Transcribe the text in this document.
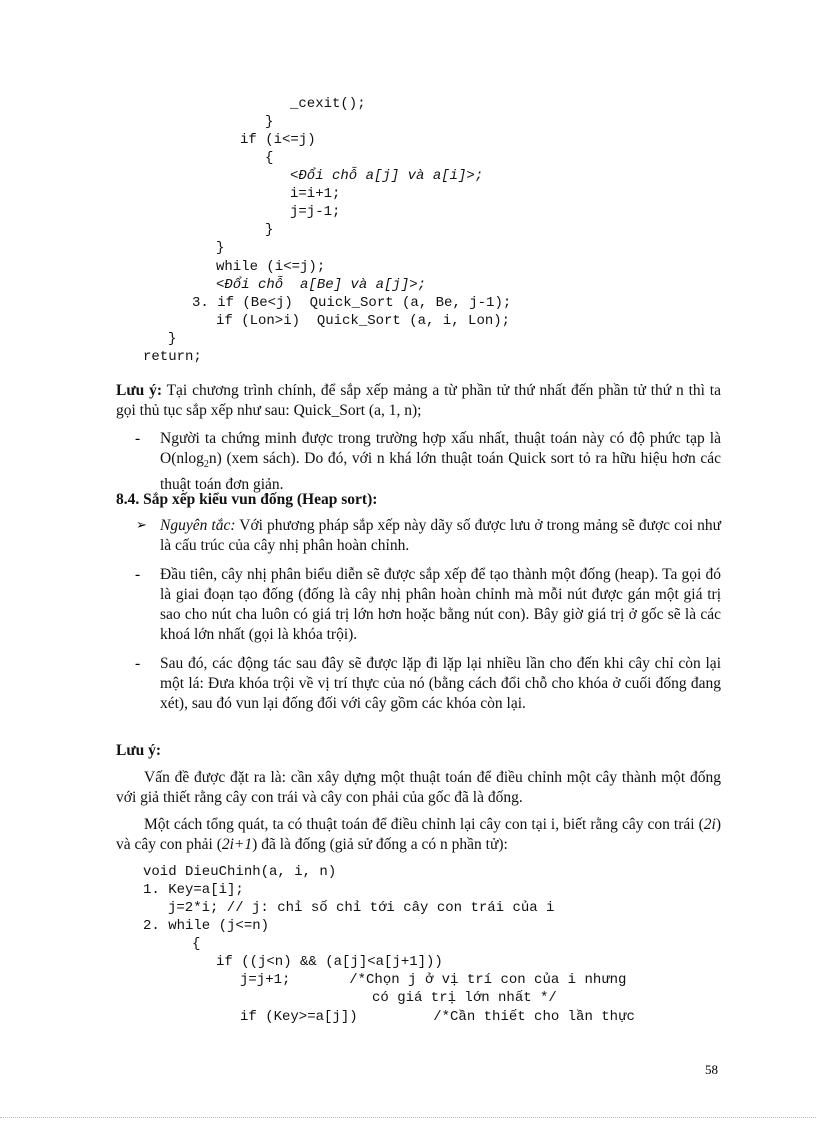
_cexit();
}
if (i<=j)
{
<Đổi chỗ a[j] và a[i]>;
i=i+1;
j=j-1;
}
}
while (i<=j);
<Đổi chỗ  a[Be] và a[j]>;
3. if (Be<j)  Quick_Sort (a, Be, j-1);
if (Lon>i)  Quick_Sort (a, i, Lon);
}
return;
Lưu ý: Tại chương trình chính, để sắp xếp mảng a từ phần tử thứ nhất đến phần tử thứ n thì ta gọi thủ tục sắp xếp như sau: Quick_Sort (a, 1, n);
- Người ta chứng minh được trong trường hợp xấu nhất, thuật toán này có độ phức tạp là O(nlog$_2$n) (xem sách). Do đó, với n khá lớn thuật toán Quick sort tỏ ra hữu hiệu hơn các thuật toán đơn giản.
8.4. Sắp xếp kiểu vun đống (Heap sort):
➢ Nguyên tắc: Với phương pháp sắp xếp này dãy số được lưu ở trong mảng sẽ được coi như là cấu trúc của cây nhị phân hoàn chỉnh.
- Đầu tiên, cây nhị phân biểu diễn sẽ được sắp xếp để tạo thành một đống (heap). Ta gọi đó là giai đoạn tạo đống (đống là cây nhị phân hoàn chỉnh mà mỗi nút được gán một giá trị sao cho nút cha luôn có giá trị lớn hơn hoặc bằng nút con). Bây giờ giá trị ở gốc sẽ là các khoá lớn nhất (gọi là khóa trội).
- Sau đó, các động tác sau đây sẽ được lặp đi lặp lại nhiều lần cho đến khi cây chỉ còn lại một lá: Đưa khóa trội về vị trí thực của nó (bằng cách đổi chỗ cho khóa ở cuối đống đang xét), sau đó vun lại đống đối với cây gồm các khóa còn lại.
Lưu ý:
Vấn đề được đặt ra là: cần xây dựng một thuật toán để điều chỉnh một cây thành một đống với giả thiết rằng cây con trái và cây con phải của gốc đã là đống.
Một cách tổng quát, ta có thuật toán để điều chỉnh lại cây con tại i, biết rằng cây con trái (2i) và cây con phải (2i+1) đã là đống (giả sử đống a có n phần tử):
void DieuChinh(a, i, n)
1. Key=a[i];
j=2*i; // j: chỉ số chỉ tới cây con trái của i
2. while (j<=n)
{
if ((j<n) && (a[j]<a[j+1]))
j=j+1;       /*Chọn j ở vị trí con của i nhưng
có giá trị lớn nhất */
if (Key>=a[j])         /*Cần thiết cho lần thực
58
